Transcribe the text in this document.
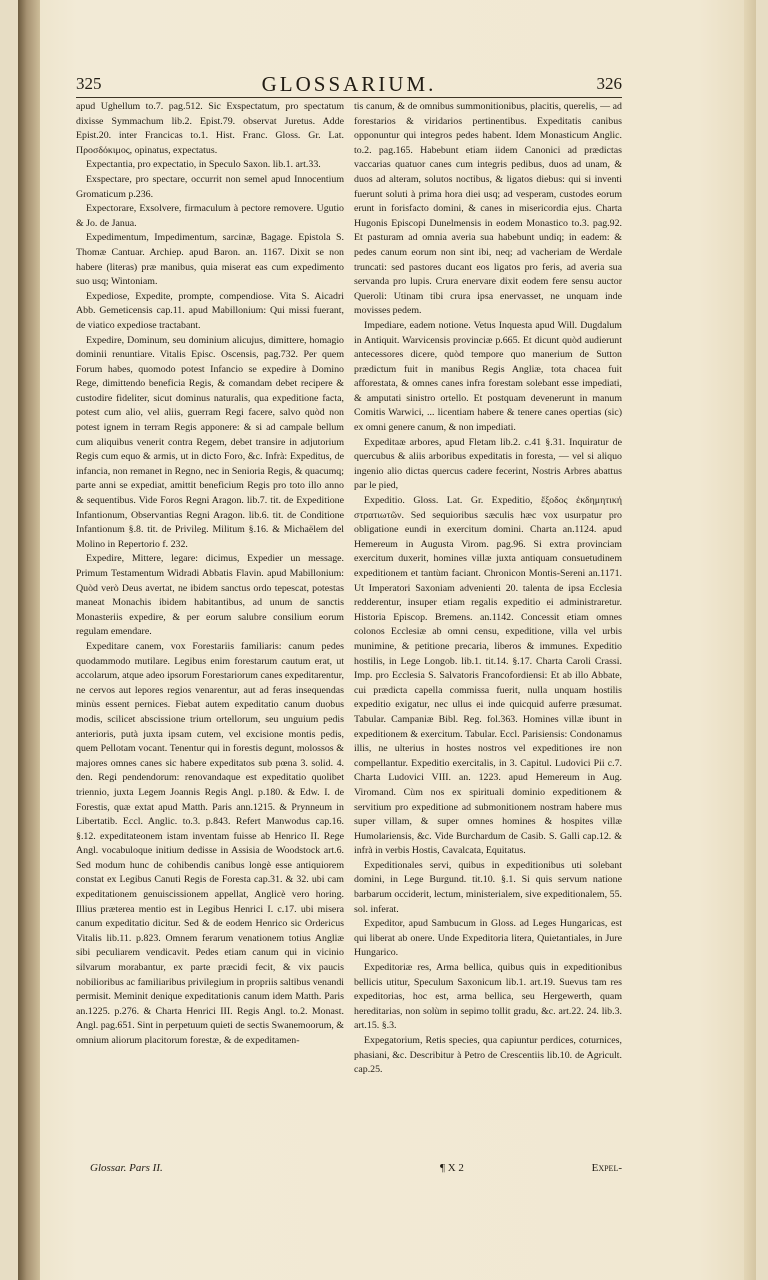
325	GLOSSARIUM.	326

apud Ughellum to.7. pag.512. Sic Exspectatum, pro spectatum dixisse Symmachum lib.2. Epist.79. observat Juretus. Adde Epist.20. inter Francicas to.1. Hist. Franc. Gloss. Gr. Lat. Προσδόκιμος, opinatus, expectatus.

Expectantia, pro expectatio, in Speculo Saxon. lib.1. art.33.

Exspectare, pro spectare, occurrit non semel apud Innocentium Gromaticum p.236.

Expectorare, Exsolvere, firmaculum à pectore removere. Ugutio & Jo. de Janua.

Expedimentum, Impedimentum, sarcinæ, Bagage. Epistola S. Thomæ Cantuar. Archiep. apud Baron. an. 1167. Dixit se non habere (literas) præ manibus, quia miserat eas cum expedimento suo usq; Wintoniam.

Expediose, Expedite, prompte, compendiose. Vita S. Aicadri Abb. Gemeticensis cap.11. apud Mabillonium: Qui missi fuerant, de viatico expediose tractabant.

Expedire, Dominum, seu dominium alicujus, dimittere, homagio dominii renuntiare. Vitalis Episc. Oscensis, pag.732. Per quem Forum habes, quomodo potest Infancio se expedire à Domino Rege, dimittendo beneficia Regis, & comandam debet recipere & custodire fideliter, sicut dominus naturalis, qua expeditione facta, potest cum alio, vel aliis, guerram Regi facere, salvo quòd non potest ignem in terram Regis apponere: & si ad campale bellum cum aliquibus venerit contra Regem, debet transire in adjutorium Regis cum equo & armis, ut in dicto Foro, &c. Infrà: Expeditus, de infancia, non remanet in Regno, nec in Senioria Regis, & quacumq; parte anni se expediat, amittit beneficium Regis pro toto illo anno & sequentibus. Vide Foros Regni Aragon. lib.7. tit. de Expeditione Infantionum, Observantias Regni Aragon. lib.6. tit. de Conditione Infantionum §.8. tit. de Privileg. Militum §.16. & Michaëlem del Molino in Repertorio f. 232.

Expedire, Mittere, legare: dicimus, Expedier un message. Primum Testamentum Widradi Abbatis Flavin. apud Mabillonium: Quòd verò Deus avertat, ne ibidem sanctus ordo tepescat, potestas maneat Monachis ibidem habitantibus, ad unum de sanctis Monasteriis expedire, & per eorum salubre consilium eorum regulam emendare.

Expeditare canem, vox Forestariis familiaris: canum pedes quodammodo mutilare. Legibus enim forestarum cautum erat, ut accolarum, atque adeo ipsorum Forestariorum canes expeditarentur, ne cervos aut lepores regios venarentur, aut ad feras insequendas minùs essent pernices. Fiebat autem expeditatio canum duobus modis, scilicet abscissione trium ortellorum, seu unguium pedis anterioris, putà juxta ipsam cutem, vel excisione montis pedis, quem Pellotam vocant. Tenentur qui in forestis degunt, molossos & majores omnes canes sic habere expeditatos sub pœna 3. solid. 4. den. Regi pendendorum: renovandaque est expeditatio quolibet triennio, juxta Legem Joannis Regis Angl. p.180. & Edw. I. de Forestis, quæ extat apud Matth. Paris ann.1215. & Prynneum in Libertatib. Eccl. Anglic. to.3. p.843. Refert Manwodus cap.16. §.12. expeditateonem istam inventam fuisse ab Henrico II. Rege Angl. vocabuloque initium dedisse in Assisia de Woodstock art.6. Sed modum hunc de cohibendis canibus longè esse antiquiorem constat ex Legibus Canuti Regis de Foresta cap.31. & 32. ubi cam expeditationem genuiscissionem appellat, Anglicè vero horing. Illius præterea mentio est in Legibus Henrici I. c.17. ubi misera canum expeditatio dicitur. Sed & de eodem Henrico sic Ordericus Vitalis lib.11. p.823. Omnem ferarum venationem totius Angliæ sibi peculiarem vendicavit. Pedes etiam canum qui in vicinio silvarum morabantur, ex parte præcidi fecit, & vix paucis nobilioribus ac familiaribus privilegium in propriis saltibus venandi permisit. Meminit denique expeditationis canum idem Matth. Paris an.1225. p.276. & Charta Henrici III. Regis Angl. to.2. Monast. Angl. pag.651. Sint in perpetuum quieti de sectis Swanemoorum, & omnium aliorum placitorum forestæ, & de expeditamen-

tis canum, & de omnibus summonitionibus, placitis, querelis, — ad forestarios & viridarios pertinentibus. Expeditatis canibus opponuntur qui integros pedes habent. Idem Monasticum Anglic. to.2. pag.165. Habebunt etiam iidem Canonici ad prædictas vaccarias quatuor canes cum integris pedibus, duos ad unam, & duos ad alteram, solutos noctibus, & ligatos diebus: qui si inventi fuerunt soluti à prima hora diei usq; ad vesperam, custodes eorum erunt in forisfacto domini, & canes in misericordia ejus. Charta Hugonis Episcopi Dunelmensis in eodem Monastico to.3. pag.92. Et pasturam ad omnia averia sua habebunt undiq; in eadem: & pedes canum eorum non sint ibi, neq; ad vacheriam de Werdale truncati: sed pastores ducant eos ligatos pro feris, ad averia sua servanda pro lupis. Crura enervare dixit eodem fere sensu auctor Queroli: Utinam tibi crura ipsa enervasset, ne unquam inde movisses pedem.

Impediare, eadem notione. Vetus Inquesta apud Will. Dugdalum in Antiquit. Warvicensis provinciæ p.665. Et dicunt quòd audierunt antecessores dicere, quòd tempore quo manerium de Sutton prædictum fuit in manibus Regis Angliæ, tota chacea fuit afforestata, & omnes canes infra forestam solebant esse impediati, & amputati sinistro ortello. Et postquam devenerunt in manum Comitis Warwici, ... licentiam habere & tenere canes opertias (sic) ex omni genere canum, & non impediati.

Expeditaæ arbores, apud Fletam lib.2. c.41 §.31. Inquiratur de quercubus & aliis arboribus expeditatis in foresta, — vel si aliquo ingenio alio dictas quercus cadere fecerint, Nostris Arbres abattus par le pied,

Expeditio. Gloss. Lat. Gr. Expeditio, ἔξοδος ἐκδημητική στρατιωτῶν. Sed sequioribus sæculis hæc vox usurpatur pro obligatione eundi in exercitum domini. Charta an.1124. apud Hemereum in Augusta Virom. pag.96. Si extra provinciam exercitum duxerit, homines villæ juxta antiquam consuetudinem expeditionem et tantùm faciant. Chronicon Montis-Sereni an.1171. Ut Imperatori Saxoniam advenienti 20. talenta de ipsa Ecclesia redderentur, insuper etiam regalis expeditio ei administraretur. Historia Episcop. Bremens. an.1142. Concessit etiam omnes colonos Ecclesiæ ab omni censu, expeditione, villa vel urbis munimine, & petitione precaria, liberos & immunes. Expeditio hostilis, in Lege Longob. lib.1. tit.14. §.17. Charta Caroli Crassi. Imp. pro Ecclesia S. Salvatoris Francofordiensi: Et ab illo Abbate, cui prædicta capella commissa fuerit, nulla unquam hostilis expeditio exigatur, nec ullus ei inde quicquid auferre præsumat. Tabular. Campaniæ Bibl. Reg. fol.363. Homines villæ ibunt in expeditionem & exercitum. Tabular. Eccl. Parisiensis: Condonamus illis, ne ulterius in hostes nostros vel expeditiones ire non compellantur. Expeditio exercitalis, in 3. Capitul. Ludovici Pii c.7. Charta Ludovici VIII. an. 1223. apud Hemereum in Aug. Viromand. Cùm nos ex spirituali dominio expeditionem & servitium pro expeditione ad submonitionem nostram habere mus super villam, & super omnes homines & hospites villæ Humolariensis, &c. Vide Burchardum de Casib. S. Galli cap.12. & infrà in verbis Hostis, Cavalcata, Equitatus.

Expeditionales servi, quibus in expeditionibus uti solebant domini, in Lege Burgund. tit.10. §.1. Si quis servum natione barbarum occiderit, lectum, ministerialem, sive expeditionalem, 55. sol. inferat.

Expeditor, apud Sambucum in Gloss. ad Leges Hungaricas, est qui liberat ab onere. Unde Expeditoria litera, Quietantiales, in Jure Hungarico.

Expeditoriæ res, Arma bellica, quibus quis in expeditionibus bellicis utitur, Speculum Saxonicum lib.1. art.19. Suevus tam res expeditorias, hoc est, arma bellica, seu Hergewerth, quam hereditarias, non solùm in sepimo tollit gradu, &c. art.22. 24. lib.3. art.15. §.3.

Expegatorium, Retis species, qua capiuntur perdices, coturnices, phasiani, &c. Describitur à Petro de Crescentiis lib.10. de Agricult. cap.25.

Glossar. Pars II.	¶ X 2	Expel-
